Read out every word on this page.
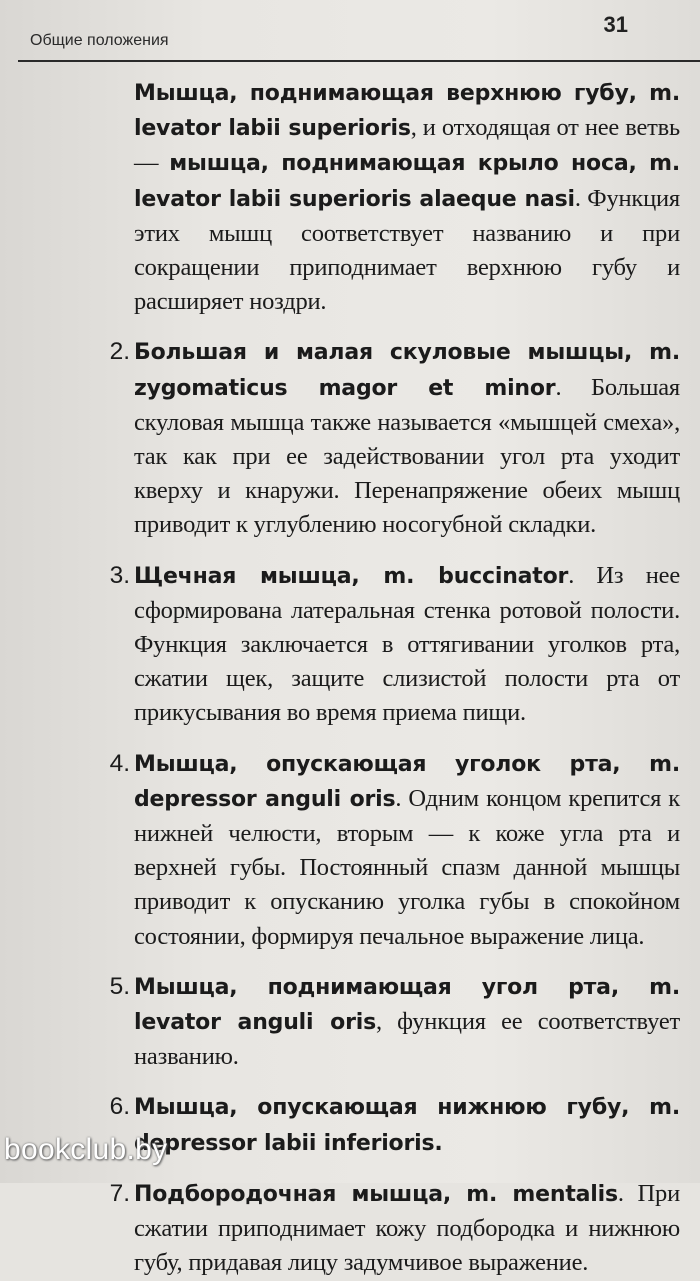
Общие положения
31

Мышца, поднимающая верхнюю губу, m. levator labii superioris, и отходящая от нее ветвь — мышца, поднимающая крыло носа, m. levator labii superioris alaeque nasi. Функция этих мышц соответствует названию и при сокращении приподнимает верхнюю губу и расширяет ноздри.

2. Большая и малая скуловые мышцы, m. zygomaticus magor et minor. Большая скуловая мышца также называется «мышцей смеха», так как при ее задействовании угол рта уходит кверху и кнаружи. Перенапряжение обеих мышц приводит к углублению носогубной складки.

3. Щечная мышца, m. buccinator. Из нее сформирована латеральная стенка ротовой полости. Функция заключается в оттягивании уголков рта, сжатии щек, защите слизистой полости рта от прикусывания во время приема пищи.

4. Мышца, опускающая уголок рта, m. depressor anguli oris. Одним концом крепится к нижней челюсти, вторым — к коже угла рта и верхней губы. Постоянный спазм данной мышцы приводит к опусканию уголка губы в спокойном состоянии, формируя печальное выражение лица.

5. Мышца, поднимающая угол рта, m. levator anguli oris, функция ее соответствует названию.

6. Мышца, опускающая нижнюю губу, m. depressor labii inferioris.

7. Подбородочная мышца, m. mentalis. При сжатии приподнимает кожу подбородка и нижнюю губу, придавая лицу задумчивое выражение.

bookclub.by
